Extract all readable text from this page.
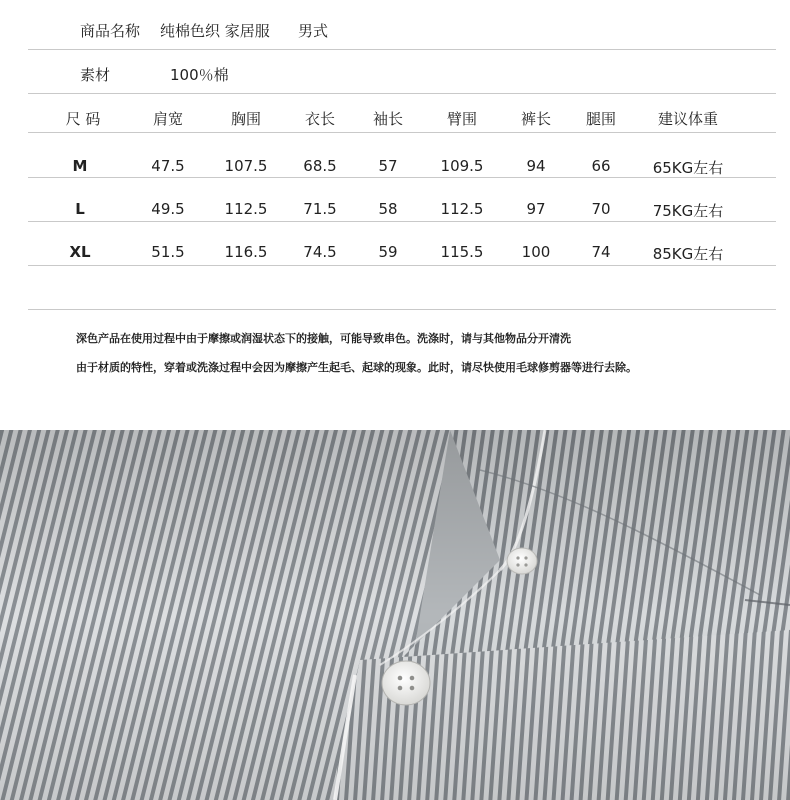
商品名称 纯棉色织 家居服 男式
素材	100％棉
尺 码	肩宽	胸围	衣长	袖长	臂围	裤长 腿围	建议体重
M	47.5	107.5 68.5	57	109.5	94	66	65KG左右
L	49.5	112.5 71.5	58	112.5	97	70	75KG左右
XL	51.5	116.5 74.5	59	115.5	100	74	85KG左右
深色产品在使用过程中由于摩擦或润湿状态下的接触，可能导致串色。洗涤时，请与其他物品分开清洗
由于材质的特性，穿着或洗涤过程中会因为摩擦产生起毛、起球的现象。此时，请尽快使用毛球修剪器等进行去除。
